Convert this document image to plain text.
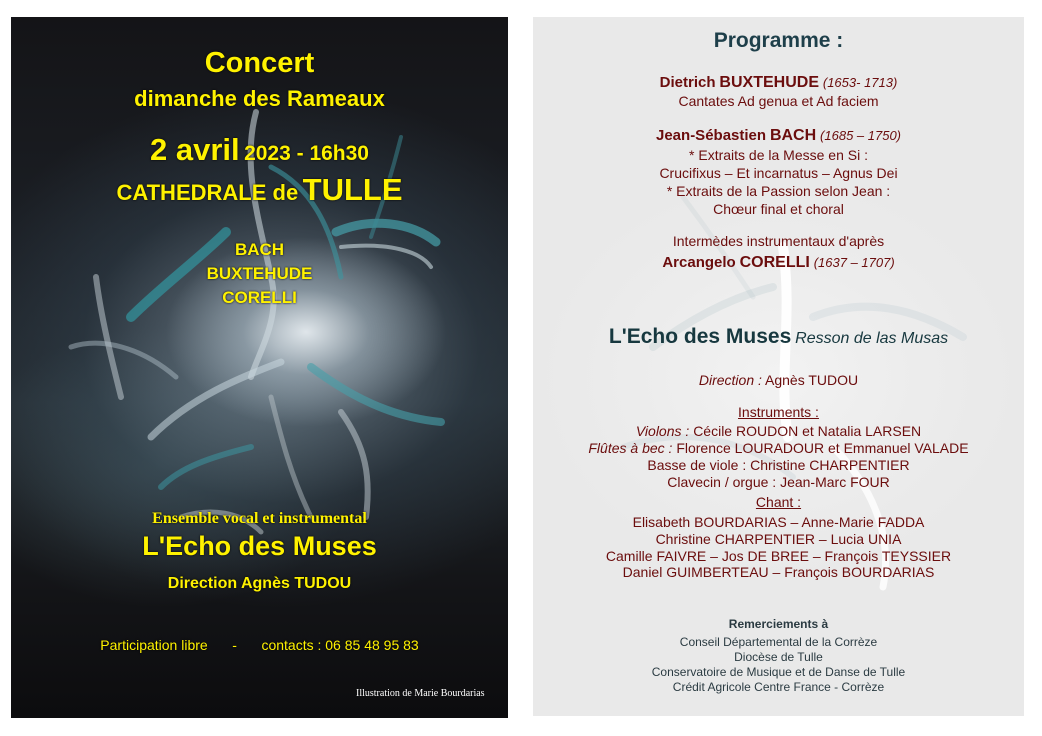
Concert
dimanche des Rameaux
2 avril 2023 - 16h30
CATHEDRALE de TULLE
BACH
BUXTEHUDE
CORELLI
Ensemble vocal et instrumental
L'Echo des Muses
Direction Agnès TUDOU
Participation libre - contacts : 06 85 48 95 83
Illustration de Marie Bourdarias
Programme :
Dietrich BUXTEHUDE (1653- 1713)
Cantates Ad genua et Ad faciem
Jean-Sébastien BACH (1685 – 1750)
* Extraits de la Messe en Si :
Crucifixus – Et incarnatus – Agnus Dei
* Extraits de la Passion selon Jean :
Chœur final et choral
Intermèdes instrumentaux d'après
Arcangelo CORELLI (1637 – 1707)
L'Echo des Muses Resson de las Musas
Direction : Agnès TUDOU
Instruments :
Violons : Cécile ROUDON et Natalia LARSEN
Flûtes à bec : Florence LOURADOUR et Emmanuel VALADE
Basse de viole : Christine CHARPENTIER
Clavecin / orgue : Jean-Marc FOUR
Chant :
Elisabeth BOURDARIAS – Anne-Marie FADDA
Christine CHARPENTIER – Lucia UNIA
Camille FAIVRE – Jos DE BREE – François TEYSSIER
Daniel GUIMBERTEAU – François BOURDARIAS
Remerciements à
Conseil Départemental de la Corrèze
Diocèse de Tulle
Conservatoire de Musique et de Danse de Tulle
Crédit Agricole Centre France - Corrèze
